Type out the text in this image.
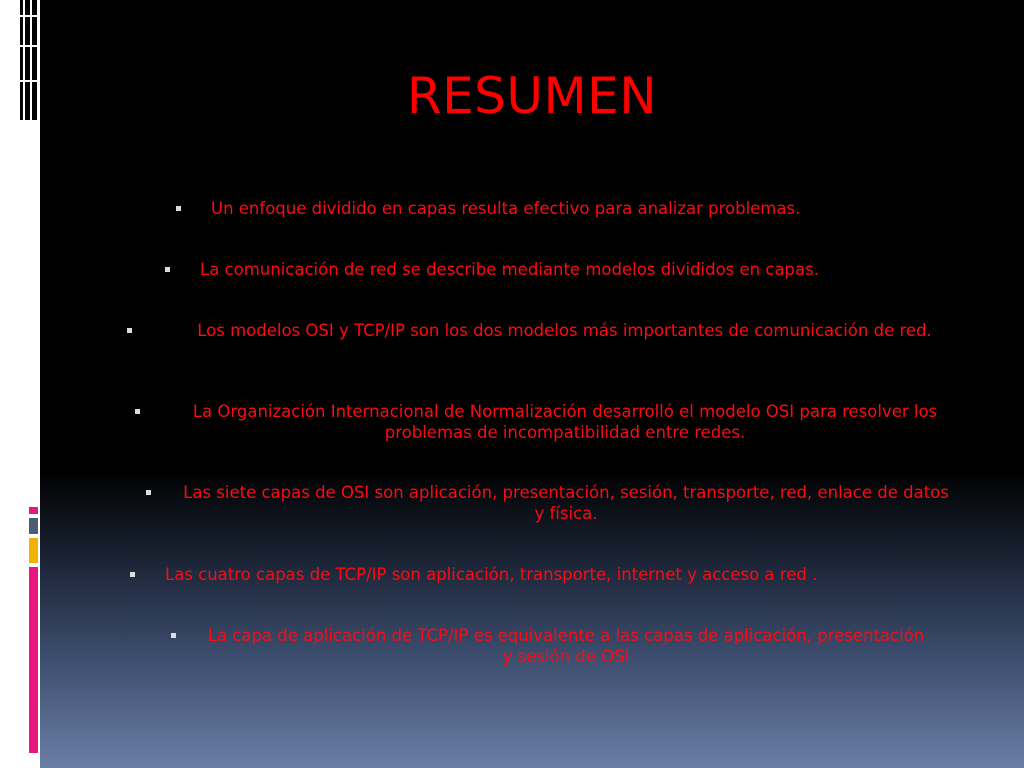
RESUMEN
Un enfoque dividido en capas resulta efectivo para analizar problemas.
La comunicación de red se describe mediante modelos divididos en capas.
Los modelos OSI y TCP/IP son los dos modelos más importantes de comunicación de red.
La Organización Internacional de Normalización desarrolló el modelo OSI para resolver los problemas de incompatibilidad entre redes.
Las siete capas de OSI son aplicación, presentación, sesión, transporte, red, enlace de datos y física.
Las cuatro capas de TCP/IP son aplicación, transporte, internet y acceso a red .
La capa de aplicación de TCP/IP es equivalente a las capas de aplicación, presentación y sesión de OSI
